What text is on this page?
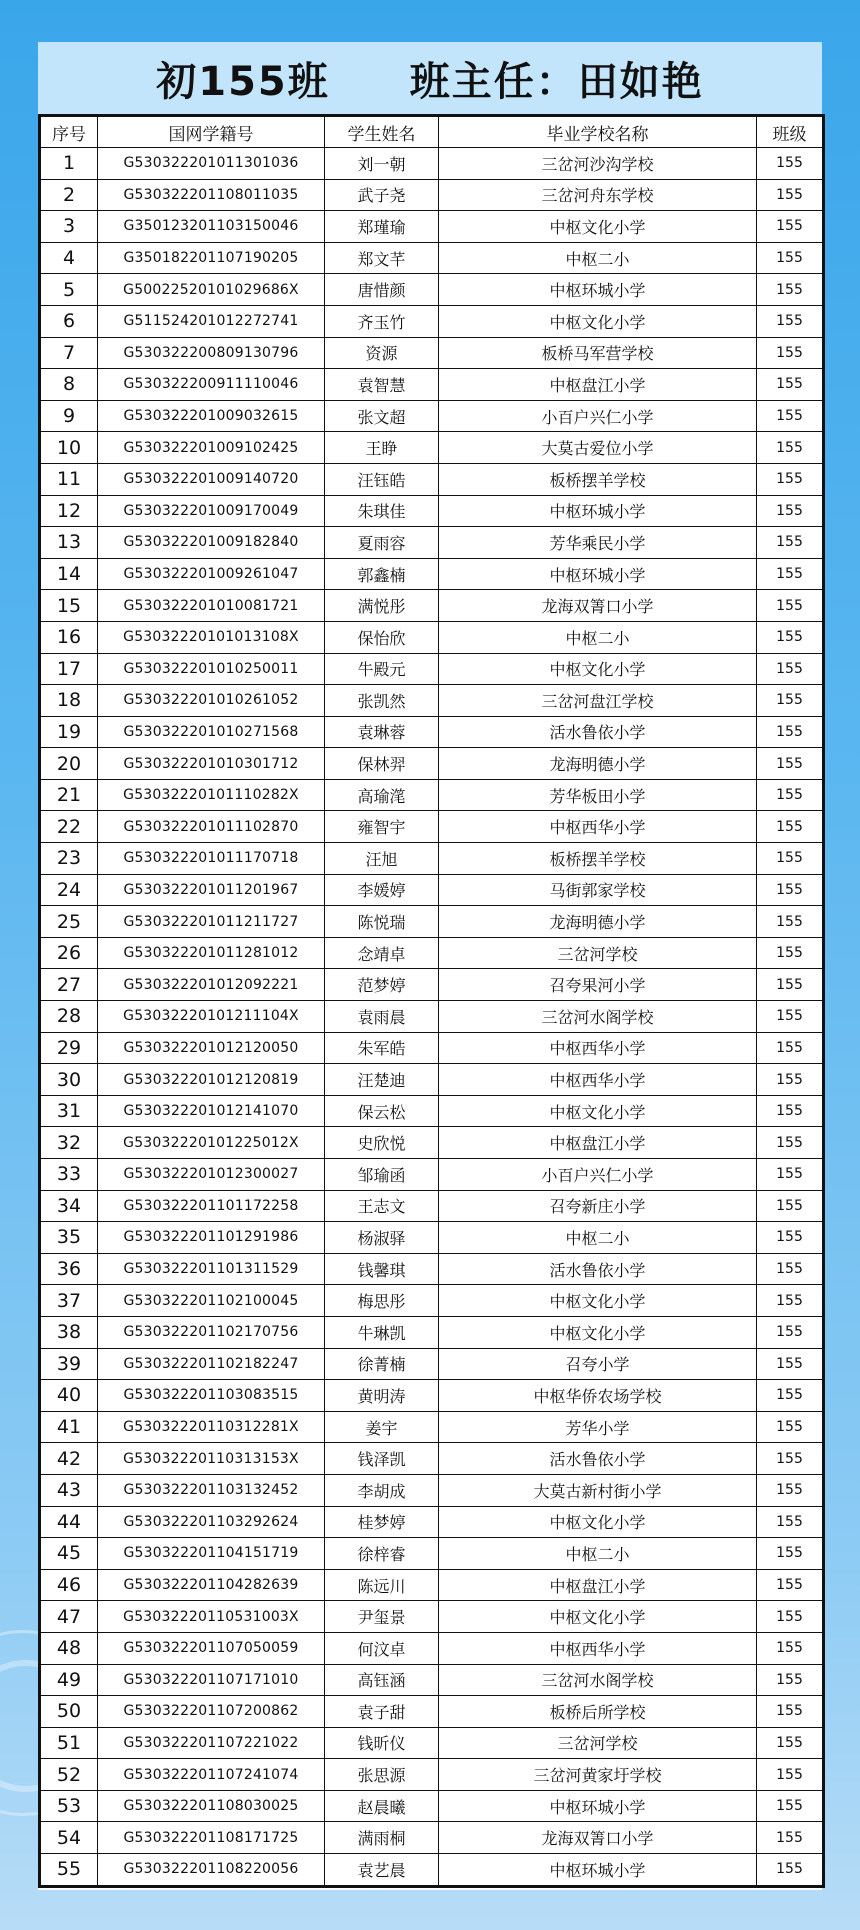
初155班 班主任：田如艳
序号	国网学籍号	学生姓名	毕业学校名称	班级
1	G530322201011301036	刘一朝	三岔河沙沟学校	155
2	G530322201108011035	武子尧	三岔河舟东学校	155
3	G350123201103150046	郑瑾瑜	中枢文化小学	155
4	G350182201107190205	郑文芊	中枢二小	155
5	G50022520101029686X	唐惜颜	中枢环城小学	155
6	G511524201012272741	齐玉竹	中枢文化小学	155
7	G530322200809130796	资源	板桥马军营学校	155
8	G530322200911110046	袁智慧	中枢盘江小学	155
9	G530322201009032615	张文超	小百户兴仁小学	155
10	G530322201009102425	王睁	大莫古爱位小学	155
11	G530322201009140720	汪钰皓	板桥摆羊学校	155
12	G530322201009170049	朱琪佳	中枢环城小学	155
13	G530322201009182840	夏雨容	芳华乘民小学	155
14	G530322201009261047	郭鑫楠	中枢环城小学	155
15	G530322201010081721	满悦彤	龙海双箐口小学	155
16	G53032220101013108X	保怡欣	中枢二小	155
17	G530322201010250011	牛殿元	中枢文化小学	155
18	G530322201010261052	张凯然	三岔河盘江学校	155
19	G530322201010271568	袁琳蓉	活水鲁依小学	155
20	G530322201010301712	保林羿	龙海明德小学	155
21	G53032220101110282X	高瑜滗	芳华板田小学	155
22	G530322201011102870	雍智宇	中枢西华小学	155
23	G530322201011170718	汪旭	板桥摆羊学校	155
24	G530322201011201967	李媛婷	马街郭家学校	155
25	G530322201011211727	陈悦瑞	龙海明德小学	155
26	G530322201011281012	念靖卓	三岔河学校	155
27	G530322201012092221	范梦婷	召夸果河小学	155
28	G53032220101211104X	袁雨晨	三岔河水阁学校	155
29	G530322201012120050	朱军皓	中枢西华小学	155
30	G530322201012120819	汪楚迪	中枢西华小学	155
31	G530322201012141070	保云松	中枢文化小学	155
32	G53032220101225012X	史欣悦	中枢盘江小学	155
33	G530322201012300027	邹瑜函	小百户兴仁小学	155
34	G530322201101172258	王志文	召夸新庄小学	155
35	G530322201101291986	杨淑驿	中枢二小	155
36	G530322201101311529	钱馨琪	活水鲁依小学	155
37	G530322201102100045	梅思彤	中枢文化小学	155
38	G530322201102170756	牛琳凯	中枢文化小学	155
39	G530322201102182247	徐菁楠	召夸小学	155
40	G530322201103083515	黄明涛	中枢华侨农场学校	155
41	G53032220110312281X	姜宇	芳华小学	155
42	G53032220110313153X	钱泽凯	活水鲁依小学	155
43	G530322201103132452	李胡成	大莫古新村街小学	155
44	G530322201103292624	桂梦婷	中枢文化小学	155
45	G530322201104151719	徐梓睿	中枢二小	155
46	G530322201104282639	陈远川	中枢盘江小学	155
47	G53032220110531003X	尹玺景	中枢文化小学	155
48	G530322201107050059	何汶卓	中枢西华小学	155
49	G530322201107171010	高钰涵	三岔河水阁学校	155
50	G530322201107200862	袁子甜	板桥后所学校	155
51	G530322201107221022	钱昕仪	三岔河学校	155
52	G530322201107241074	张思源	三岔河黄家圩学校	155
53	G530322201108030025	赵晨曦	中枢环城小学	155
54	G530322201108171725	满雨桐	龙海双箐口小学	155
55	G530322201108220056	袁艺晨	中枢环城小学	155
